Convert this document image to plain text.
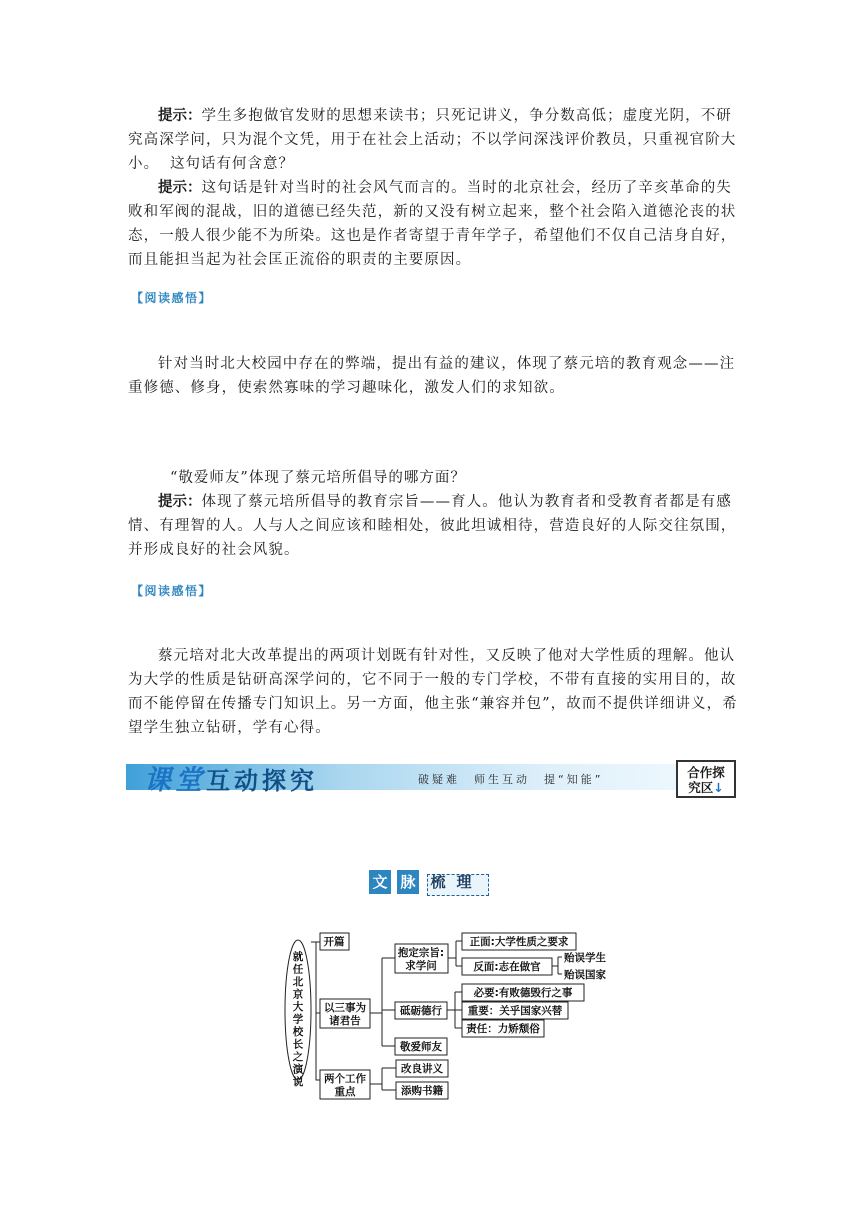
提示：学生多抱做官发财的思想来读书；只死记讲义，争分数高低；虚度光阴，不研究高深学问，只为混个文凭，用于在社会上活动；不以学问深浅评价教员，只重视官阶大小。 这句话有何含意？

提示：这句话是针对当时的社会风气而言的。当时的北京社会，经历了辛亥革命的失败和军阀的混战，旧的道德已经失范，新的又没有树立起来，整个社会陷入道德沦丧的状态，一般人很少能不为所染。这也是作者寄望于青年学子，希望他们不仅自己洁身自好，而且能担当起为社会匡正流俗的职责的主要原因。

【阅读感悟】

针对当时北大校园中存在的弊端，提出有益的建议，体现了蔡元培的教育观念——注重修德、修身，使索然寡味的学习趣味化，激发人们的求知欲。

“敬爱师友”体现了蔡元培所倡导的哪方面？

提示：体现了蔡元培所倡导的教育宗旨——育人。他认为教育者和受教育者都是有感情、有理智的人。人与人之间应该和睦相处，彼此坦诚相待，营造良好的人际交往氛围，并形成良好的社会风貌。

【阅读感悟】

蔡元培对北大改革提出的两项计划既有针对性，又反映了他对大学性质的理解。他认为大学的性质是钻研高深学问的，它不同于一般的专门学校，不带有直接的实用目的，故而不能停留在传播专门知识上。另一方面，他主张“兼容并包”，故而不提供详细讲义，希望学生独立钻研，学有心得。

课堂互动探究	破疑难　师生互动　提“知能”	合作探
究区↓
文 脉 梳 理
就任北京大学校长之演说
开篇
以三事为
诸君告
两个工作
重点
抱定宗旨:
求学问
砥砺德行
敬爱师友
正面:大学性质之要求
反面:志在做官
贻误学生
贻误国家
必要:有败德毁行之事
重要：关乎国家兴替
责任：力矫颓俗
改良讲义
添购书籍
